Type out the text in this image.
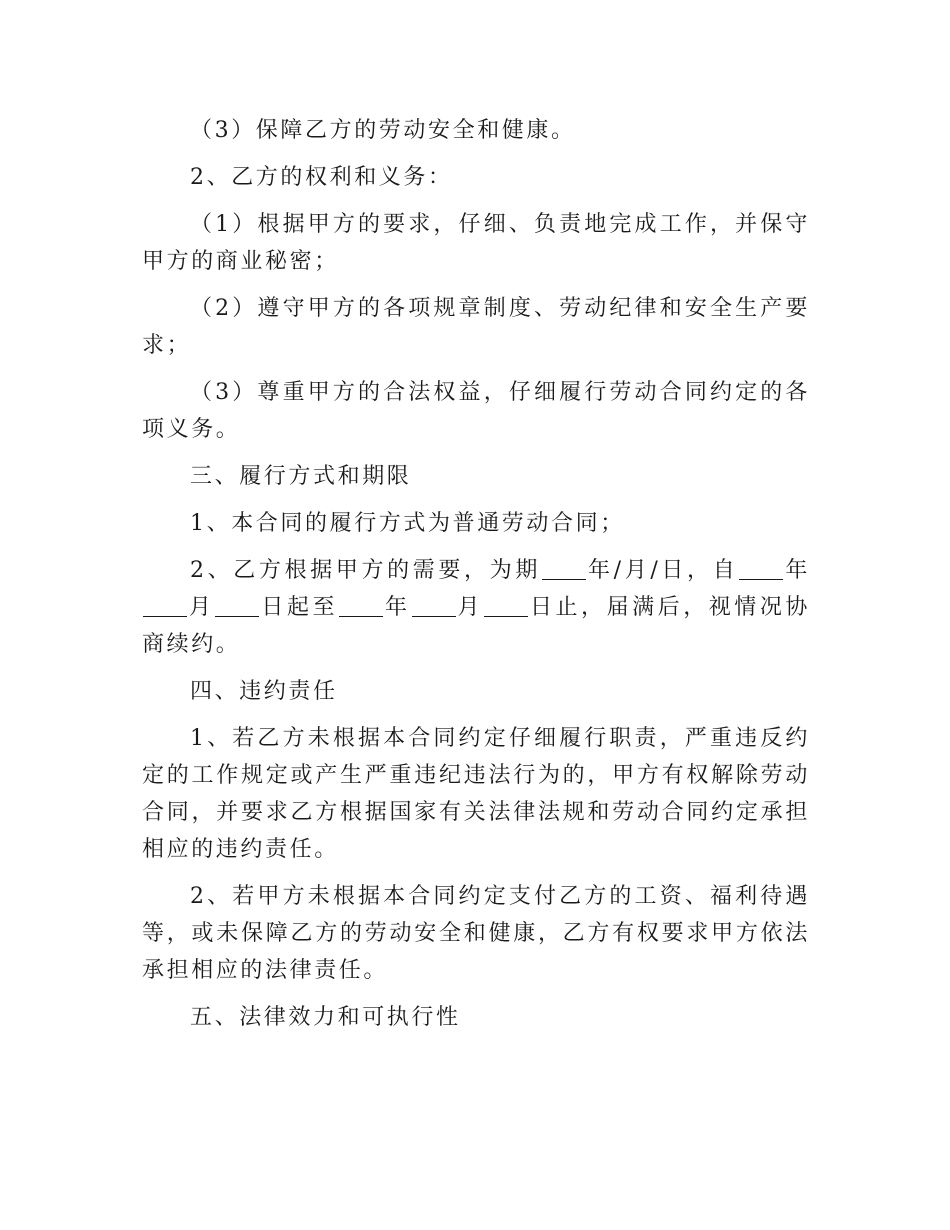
（3）保障乙方的劳动安全和健康。

2、乙方的权利和义务：

（1）根据甲方的要求，仔细、负责地完成工作，并保守甲方的商业秘密；

（2）遵守甲方的各项规章制度、劳动纪律和安全生产要求；

（3）尊重甲方的合法权益，仔细履行劳动合同约定的各项义务。

三、履行方式和期限

1、本合同的履行方式为普通劳动合同；

2、乙方根据甲方的需要，为期 年/月/日，自 年月 日起至 年 月 日止，届满后，视情况协商续约。

四、违约责任

1、若乙方未根据本合同约定仔细履行职责，严重违反约定的工作规定或产生严重违纪违法行为的，甲方有权解除劳动合同，并要求乙方根据国家有关法律法规和劳动合同约定承担相应的违约责任。

2、若甲方未根据本合同约定支付乙方的工资、福利待遇等，或未保障乙方的劳动安全和健康，乙方有权要求甲方依法承担相应的法律责任。

五、法律效力和可执行性
